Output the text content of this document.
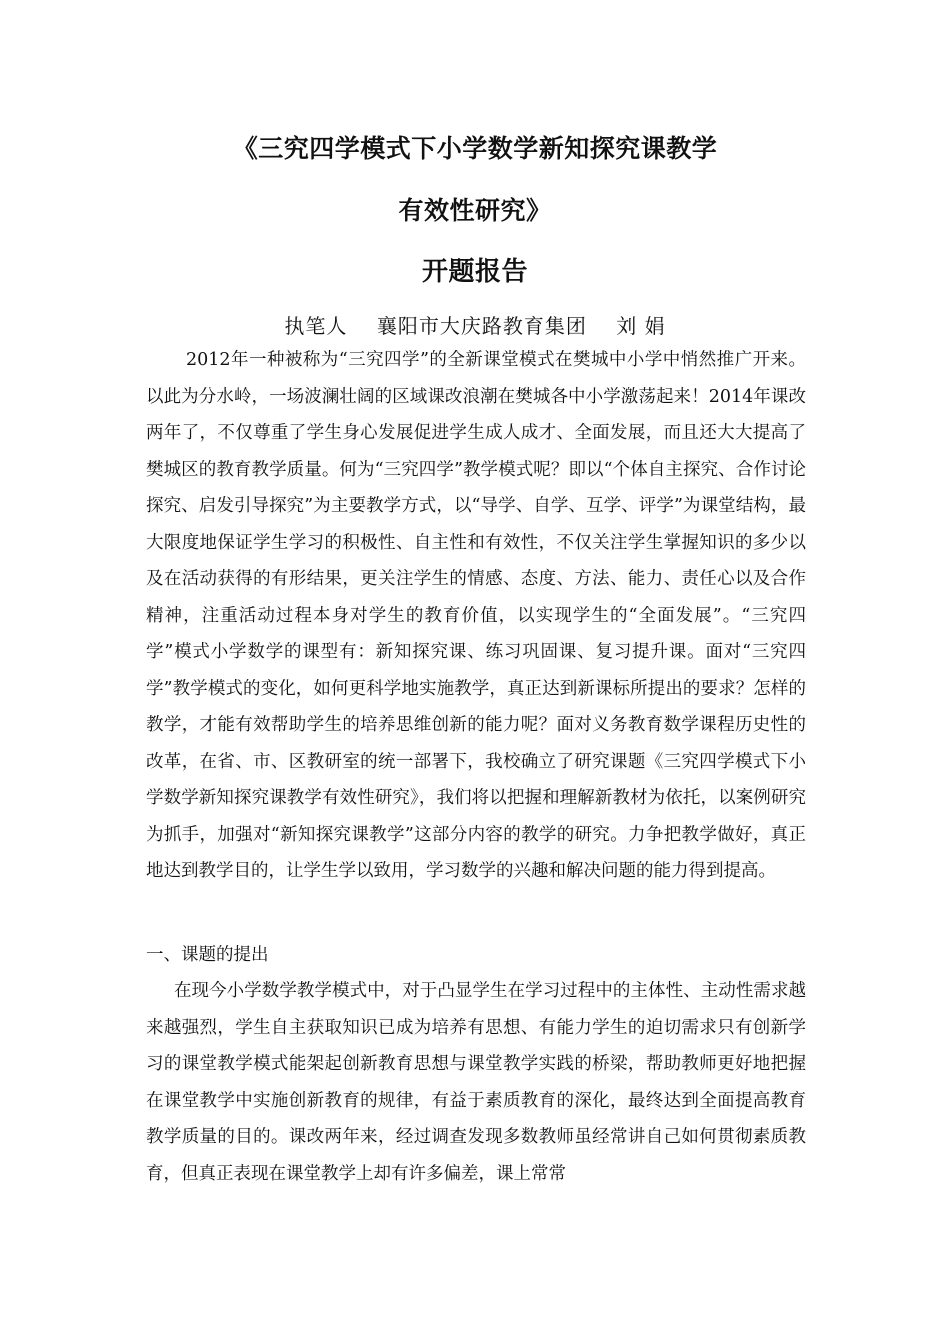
《三究四学模式下小学数学新知探究课教学
有效性研究》
开题报告
执笔人    襄阳市大庆路教育集团    刘 娟
2012年一种被称为“三究四学”的全新课堂模式在樊城中小学中悄然推广开来。以此为分水岭，一场波澜壮阔的区域课改浪潮在樊城各中小学激荡起来！2014年课改两年了，不仅尊重了学生身心发展促进学生成人成才、全面发展，而且还大大提高了樊城区的教育教学质量。何为“三究四学”教学模式呢？即以“个体自主探究、合作讨论探究、启发引导探究”为主要教学方式，以“导学、自学、互学、评学”为课堂结构，最大限度地保证学生学习的积极性、自主性和有效性，不仅关注学生掌握知识的多少以及在活动获得的有形结果，更关注学生的情感、态度、方法、能力、责任心以及合作精神，注重活动过程本身对学生的教育价值，以实现学生的“全面发展”。“三究四学”模式小学数学的课型有：新知探究课、练习巩固课、复习提升课。面对“三究四学”教学模式的变化，如何更科学地实施教学，真正达到新课标所提出的要求？怎样的教学，才能有效帮助学生的培养思维创新的能力呢？面对义务教育数学课程历史性的改革，在省、市、区教研室的统一部署下，我校确立了研究课题《三究四学模式下小学数学新知探究课教学有效性研究》，我们将以把握和理解新教材为依托，以案例研究为抓手，加强对“新知探究课教学”这部分内容的教学的研究。力争把教学做好，真正地达到教学目的，让学生学以致用，学习数学的兴趣和解决问题的能力得到提高。
一、课题的提出
在现今小学数学教学模式中，对于凸显学生在学习过程中的主体性、主动性需求越来越强烈，学生自主获取知识已成为培养有思想、有能力学生的迫切需求只有创新学习的课堂教学模式能架起创新教育思想与课堂教学实践的桥梁，帮助教师更好地把握在课堂教学中实施创新教育的规律，有益于素质教育的深化，最终达到全面提高教育教学质量的目的。课改两年来，经过调查发现多数教师虽经常讲自己如何贯彻素质教育，但真正表现在课堂教学上却有许多偏差，课上常常
